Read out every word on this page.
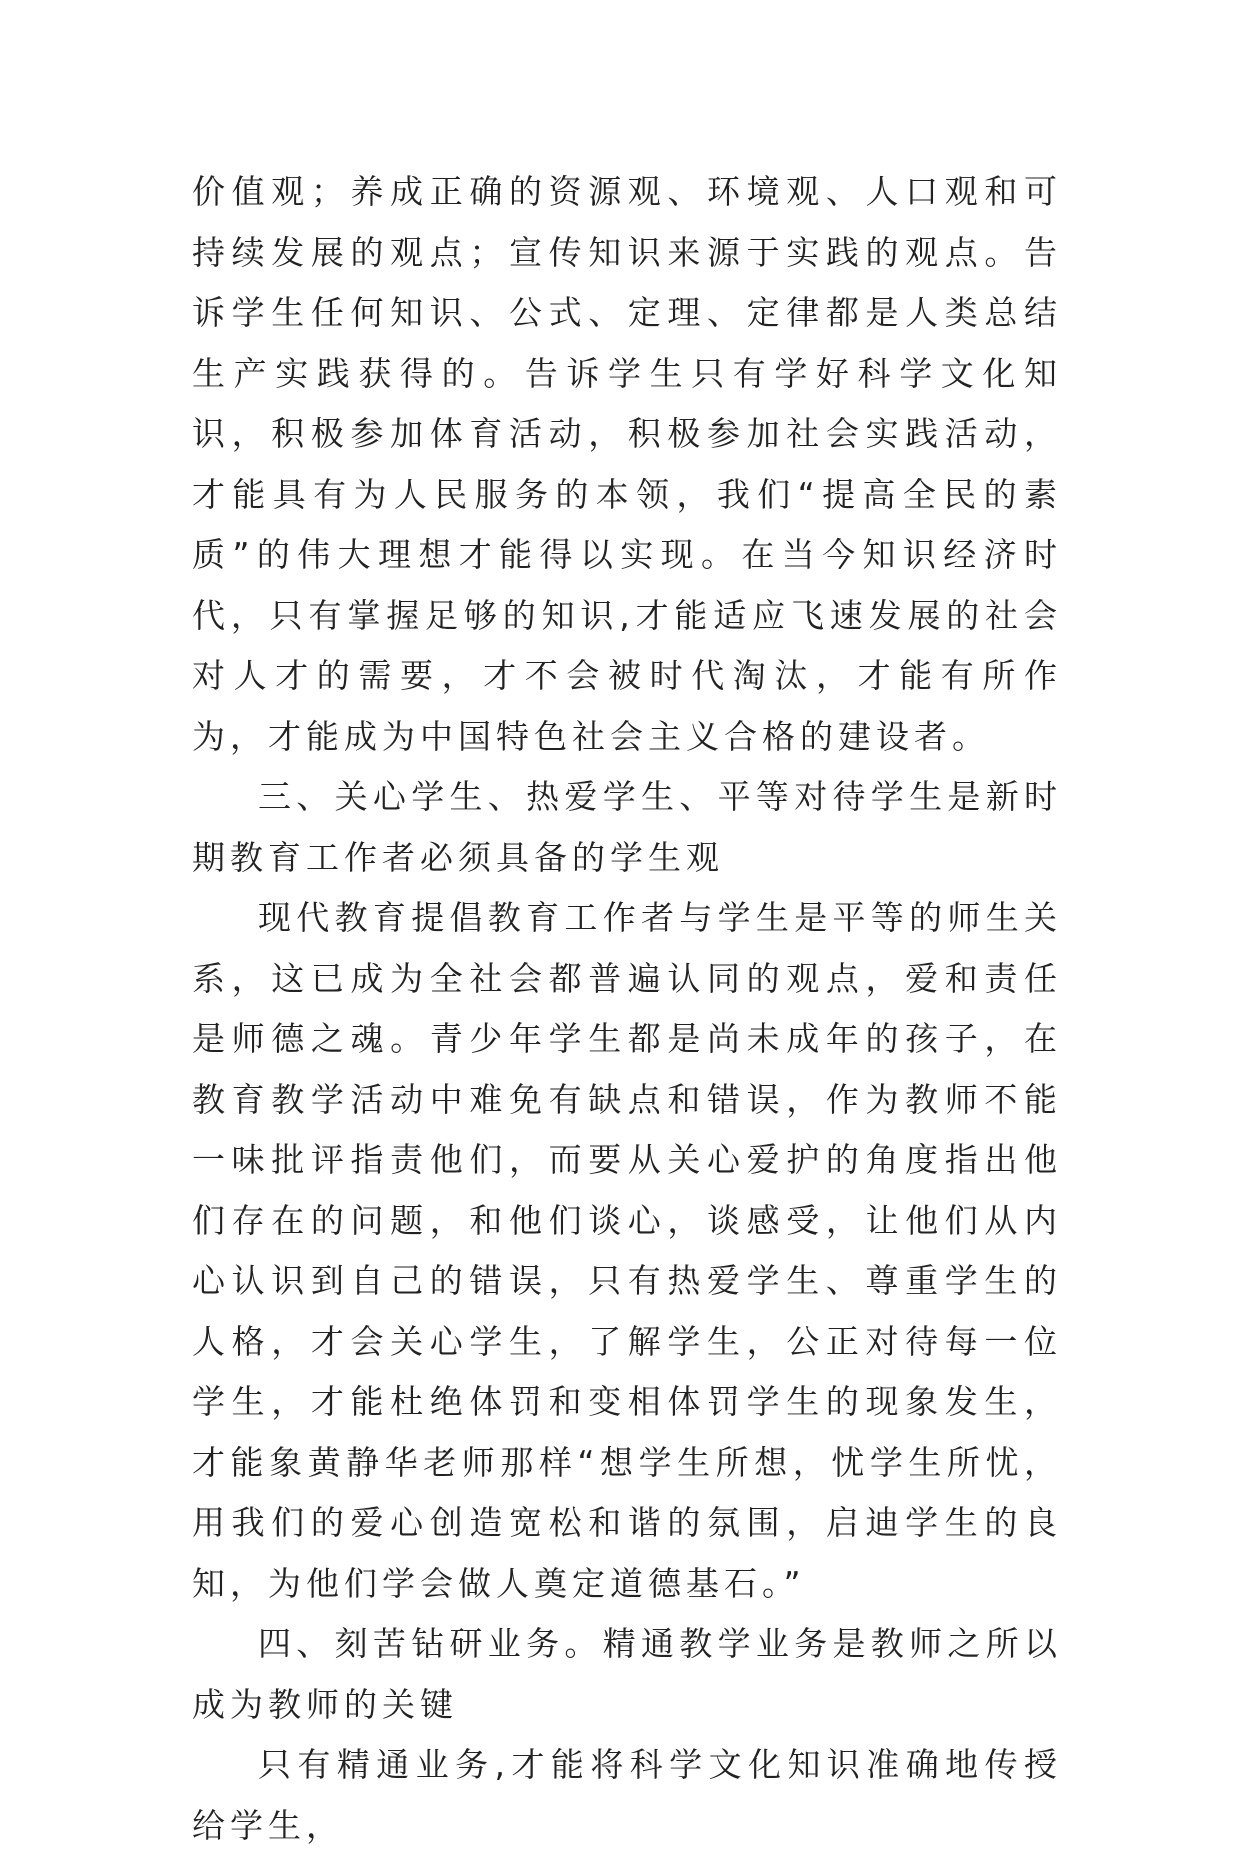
价值观；养成正确的资源观、环境观、人口观和可持续发展的观点；宣传知识来源于实践的观点。告诉学生任何知识、公式、定理、定律都是人类总结生产实践获得的。告诉学生只有学好科学文化知识，积极参加体育活动，积极参加社会实践活动，才能具有为人民服务的本领，我们“提高全民的素质”的伟大理想才能得以实现。在当今知识经济时代，只有掌握足够的知识,才能适应飞速发展的社会对人才的需要，才不会被时代淘汰，才能有所作为，才能成为中国特色社会主义合格的建设者。

三、关心学生、热爱学生、平等对待学生是新时期教育工作者必须具备的学生观

现代教育提倡教育工作者与学生是平等的师生关系，这已成为全社会都普遍认同的观点，爱和责任是师德之魂。青少年学生都是尚未成年的孩子，在教育教学活动中难免有缺点和错误，作为教师不能一味批评指责他们，而要从关心爱护的角度指出他们存在的问题，和他们谈心，谈感受，让他们从内心认识到自己的错误，只有热爱学生、尊重学生的人格，才会关心学生，了解学生，公正对待每一位学生，才能杜绝体罚和变相体罚学生的现象发生，才能象黄静华老师那样“想学生所想，忧学生所忧，用我们的爱心创造宽松和谐的氛围，启迪学生的良知，为他们学会做人奠定道德基石。”

四、刻苦钻研业务。精通教学业务是教师之所以成为教师的关键

只有精通业务,才能将科学文化知识准确地传授给学生，
